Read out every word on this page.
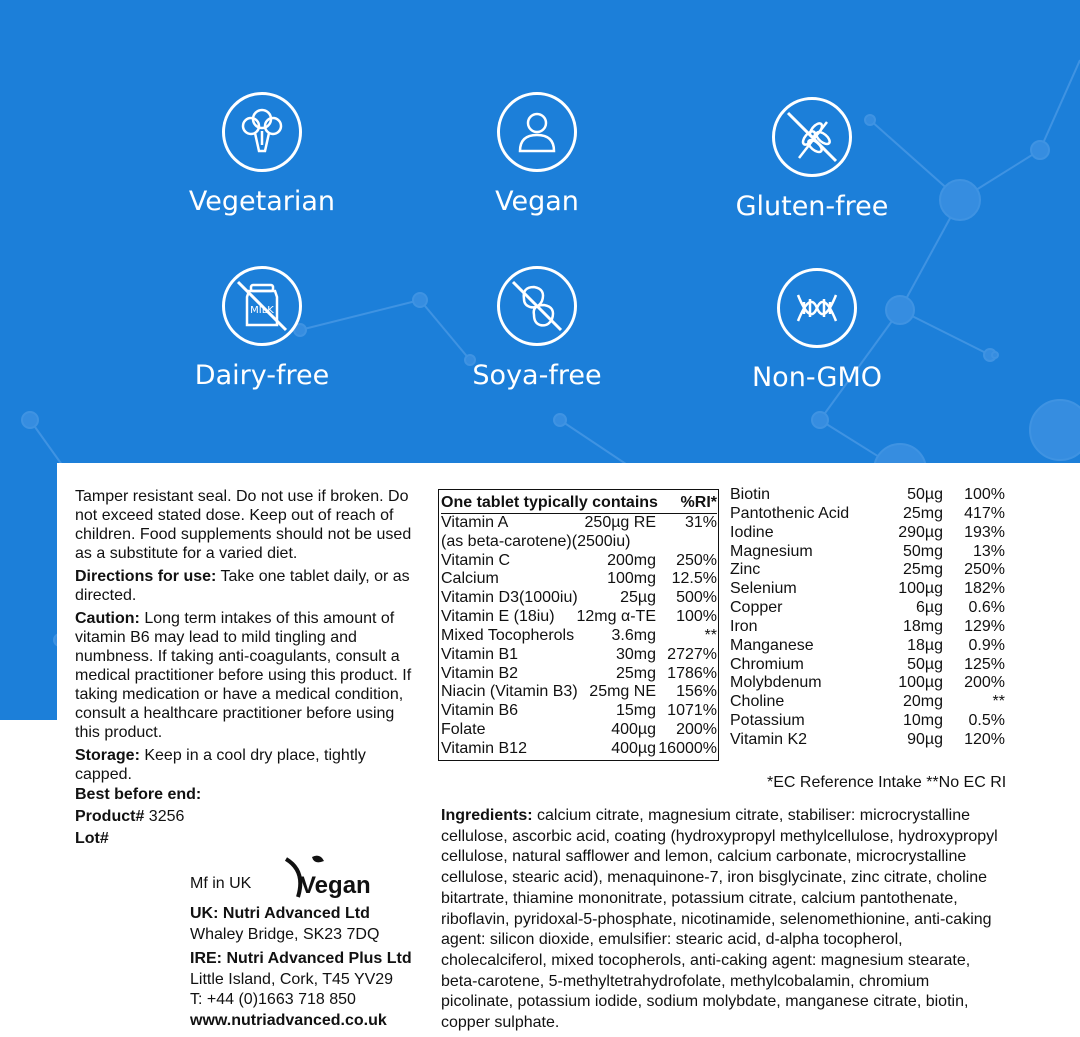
Vegetarian	Vegan	Gluten-free
MILK
Dairy-free	Soya-free	Non-GMO

Tamper resistant seal. Do not use if broken. Do not exceed stated dose. Keep out of reach of children. Food supplements should not be used as a substitute for a varied diet.

Directions for use: Take one tablet daily, or as directed.

Caution: Long term intakes of this amount of vitamin B6 may lead to mild tingling and numbness. If taking anti-coagulants, consult a medical practitioner before using this product. If taking medication or have a medical condition, consult a healthcare practitioner before using this product.

Storage: Keep in a cool dry place, tightly capped.

Best before end:
Product# 3256
Lot#
Mf in UK Vegan
UK: Nutri Advanced Ltd
Whaley Bridge, SK23 7DQ
IRE: Nutri Advanced Plus Ltd
Little Island, Cork, T45 YV29
T: +44 (0)1663 718 850
www.nutriadvanced.co.uk
One tablet typically contains %RI*
Vitamin A	250µg RE 31%
(as beta-carotene)(2500iu)
Vitamin C	200mg 250%
Calcium	100mg 12.5%
Vitamin D3(1000iu)	25µg 500%
Vitamin E (18iu) 12mg α-TE 100%
Mixed Tocopherols 3.6mg	**
Vitamin B1	30mg 2727%
Vitamin B2	25mg 1786%
Niacin (Vitamin B3) 25mg NE 156%
Vitamin B6	15mg 1071%
Folate	400µg 200%
Vitamin B12	400µg 16000%
Biotin	50µg 100%
Pantothenic Acid	25mg 417%
Iodine	290µg 193%
Magnesium	50mg 13%
Zinc	25mg 250%
Selenium	100µg 182%
Copper	6µg 0.6%
Iron	18mg 129%
Manganese	18µg 0.9%
Chromium	50µg 125%
Molybdenum	100µg 200%
Choline	20mg	**
Potassium	10mg 0.5%
Vitamin K2	90µg 120%
*EC Reference Intake **No EC RI
Ingredients: calcium citrate, magnesium citrate, stabiliser: microcrystalline cellulose, ascorbic acid, coating (hydroxypropyl methylcellulose, hydroxypropyl cellulose, natural safflower and lemon, calcium carbonate, microcrystalline cellulose, stearic acid), menaquinone-7, iron bisglycinate, zinc citrate, choline bitartrate, thiamine mononitrate, potassium citrate, calcium pantothenate, riboflavin, pyridoxal-5-phosphate, nicotinamide, selenomethionine, anti-caking agent: silicon dioxide, emulsifier: stearic acid, d-alpha tocopherol, cholecalciferol, mixed tocopherols, anti-caking agent: magnesium stearate, beta-carotene, 5-methyltetrahydrofolate, methylcobalamin, chromium picolinate, potassium iodide, sodium molybdate, manganese citrate, biotin, copper sulphate.
